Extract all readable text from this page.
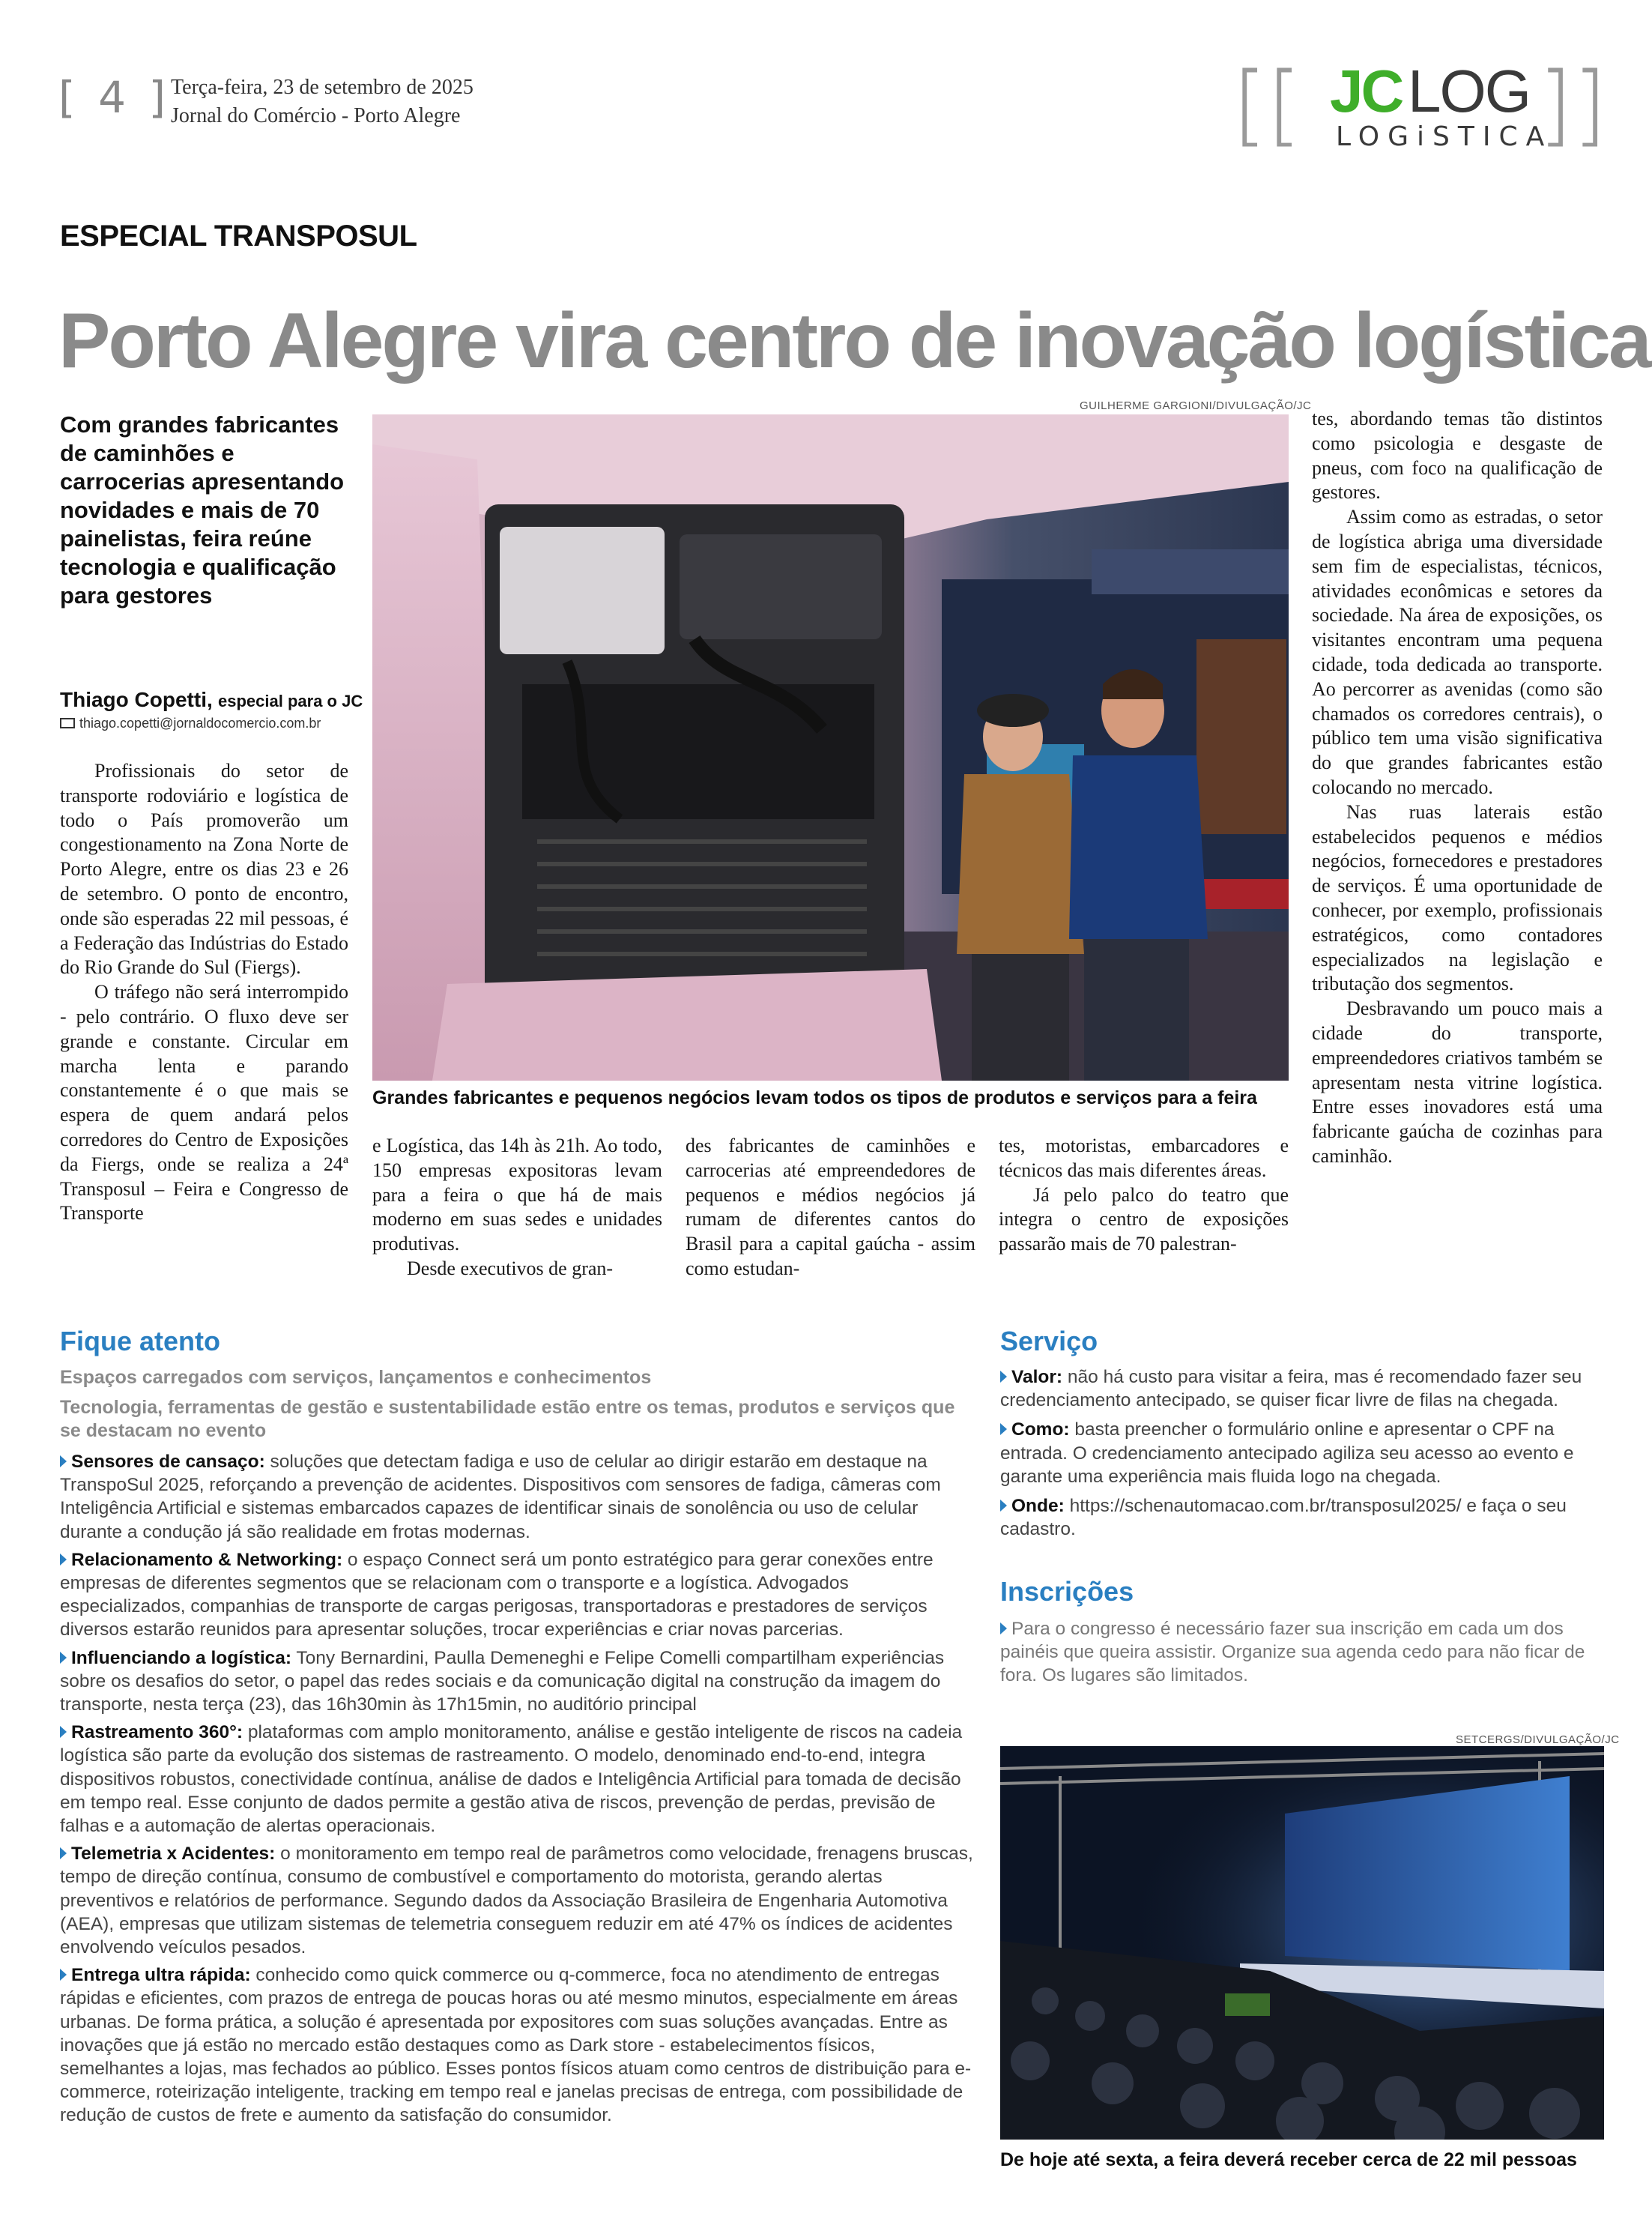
[ 4 ] Terça-feira, 23 de setembro de 2025
Jornal do Comércio - Porto Alegre	[[ JC LOG
LOGiSTICA
]]
ESPECIAL TRANSPOSUL
Porto Alegre vira centro de inovação logística
Com grandes fabricantes de caminhões e carrocerias apresentando novidades e mais de 70 painelistas, feira reúne tecnologia e qualificação para gestores
Thiago Copetti, especial para o JC
thiago.copetti@jornaldocomercio.com.br

Profissionais do setor de transporte rodoviário e logística de todo o País promoverão um congestionamento na Zona Norte de Porto Alegre, entre os dias 23 e 26 de setembro. O ponto de encontro, onde são esperadas 22 mil pessoas, é a Federação das Indústrias do Estado do Rio Grande do Sul (Fiergs).

O tráfego não será interrompido - pelo contrário. O fluxo deve ser grande e constante. Circular em marcha lenta e parando constantemente é o que mais se espera de quem andará pelos corredores do Centro de Exposições da Fiergs, onde se realiza a 24ª Transposul – Feira e Congresso de Transporte

e Logística, das 14h às 21h. Ao todo, 150 empresas expositoras levam para a feira o que há de mais moderno em suas sedes e unidades produtivas.

Desde executivos de gran-

des fabricantes de caminhões e carrocerias até empreendedores de pequenos e médios negócios já rumam de diferentes cantos do Brasil para a capital gaúcha - assim como estudan-

tes, motoristas, embarcadores e técnicos das mais diferentes áreas.

Já pelo palco do teatro que integra o centro de exposições passarão mais de 70 palestran-

tes, abordando temas tão distintos como psicologia e desgaste de pneus, com foco na qualificação de gestores.

Assim como as estradas, o setor de logística abriga uma diversidade sem fim de especialistas, técnicos, atividades econômicas e setores da sociedade. Na área de exposições, os visitantes encontram uma pequena cidade, toda dedicada ao transporte. Ao percorrer as avenidas (como são chamados os corredores centrais), o público tem uma visão significativa do que grandes fabricantes estão colocando no mercado.

Nas ruas laterais estão estabelecidos pequenos e médios negócios, fornecedores e prestadores de serviços. É uma oportunidade de conhecer, por exemplo, profissionais estratégicos, como contadores especializados na legislação e tributação dos segmentos.

Desbravando um pouco mais a cidade do transporte, empreendedores criativos também se apresentam nesta vitrine logística. Entre esses inovadores está uma fabricante gaúcha de cozinhas para caminhão.

GUILHERME GARGIONI/DIVULGAÇÃO/JC
Grandes fabricantes e pequenos negócios levam todos os tipos de produtos e serviços para a feira
Fique atento
Espaços carregados com serviços, lançamentos e conhecimentos
Tecnologia, ferramentas de gestão e sustentabilidade estão entre os temas, produtos e serviços que se destacam no evento
Sensores de cansaço: soluções que detectam fadiga e uso de celular ao dirigir estarão em destaque na TranspoSul 2025, reforçando a prevenção de acidentes. Dispositivos com sensores de fadiga, câmeras com Inteligência Artificial e sistemas embarcados capazes de identificar sinais de sonolência ou uso de celular durante a condução já são realidade em frotas modernas.
Relacionamento & Networking: o espaço Connect será um ponto estratégico para gerar conexões entre empresas de diferentes segmentos que se relacionam com o transporte e a logística. Advogados especializados, companhias de transporte de cargas perigosas, transportadoras e prestadores de serviços diversos estarão reunidos para apresentar soluções, trocar experiências e criar novas parcerias.
Influenciando a logística: Tony Bernardini, Paulla Demeneghi e Felipe Comelli compartilham experiências sobre os desafios do setor, o papel das redes sociais e da comunicação digital na construção da imagem do transporte, nesta terça (23), das 16h30min às 17h15min, no auditório principal
Rastreamento 360°: plataformas com amplo monitoramento, análise e gestão inteligente de riscos na cadeia logística são parte da evolução dos sistemas de rastreamento. O modelo, denominado end-to-end, integra dispositivos robustos, conectividade contínua, análise de dados e Inteligência Artificial para tomada de decisão em tempo real. Esse conjunto de dados permite a gestão ativa de riscos, prevenção de perdas, previsão de falhas e a automação de alertas operacionais.
Telemetria x Acidentes: o monitoramento em tempo real de parâmetros como velocidade, frenagens bruscas, tempo de direção contínua, consumo de combustível e comportamento do motorista, gerando alertas preventivos e relatórios de performance. Segundo dados da Associação Brasileira de Engenharia Automotiva (AEA), empresas que utilizam sistemas de telemetria conseguem reduzir em até 47% os índices de acidentes envolvendo veículos pesados.
Entrega ultra rápida: conhecido como quick commerce ou q-commerce, foca no atendimento de entregas rápidas e eficientes, com prazos de entrega de poucas horas ou até mesmo minutos, especialmente em áreas urbanas. De forma prática, a solução é apresentada por expositores com suas soluções avançadas. Entre as inovações que já estão no mercado estão destaques como as Dark store - estabelecimentos físicos, semelhantes a lojas, mas fechados ao público. Esses pontos físicos atuam como centros de distribuição para e-commerce, roteirização inteligente, tracking em tempo real e janelas precisas de entrega, com possibilidade de redução de custos de frete e aumento da satisfação do consumidor.
Serviço
Valor: não há custo para visitar a feira, mas é recomendado fazer seu credenciamento antecipado, se quiser ficar livre de filas na chegada.
Como: basta preencher o formulário online e apresentar o CPF na entrada. O credenciamento antecipado agiliza seu acesso ao evento e garante uma experiência mais fluida logo na chegada.
Onde: https://schenautomacao.com.br/transposul2025/ e faça o seu cadastro.
Inscrições
Para o congresso é necessário fazer sua inscrição em cada um dos painéis que queira assistir. Organize sua agenda cedo para não ficar de fora. Os lugares são limitados.
SETCERGS/DIVULGAÇÃO/JC
De hoje até sexta, a feira deverá receber cerca de 22 mil pessoas
